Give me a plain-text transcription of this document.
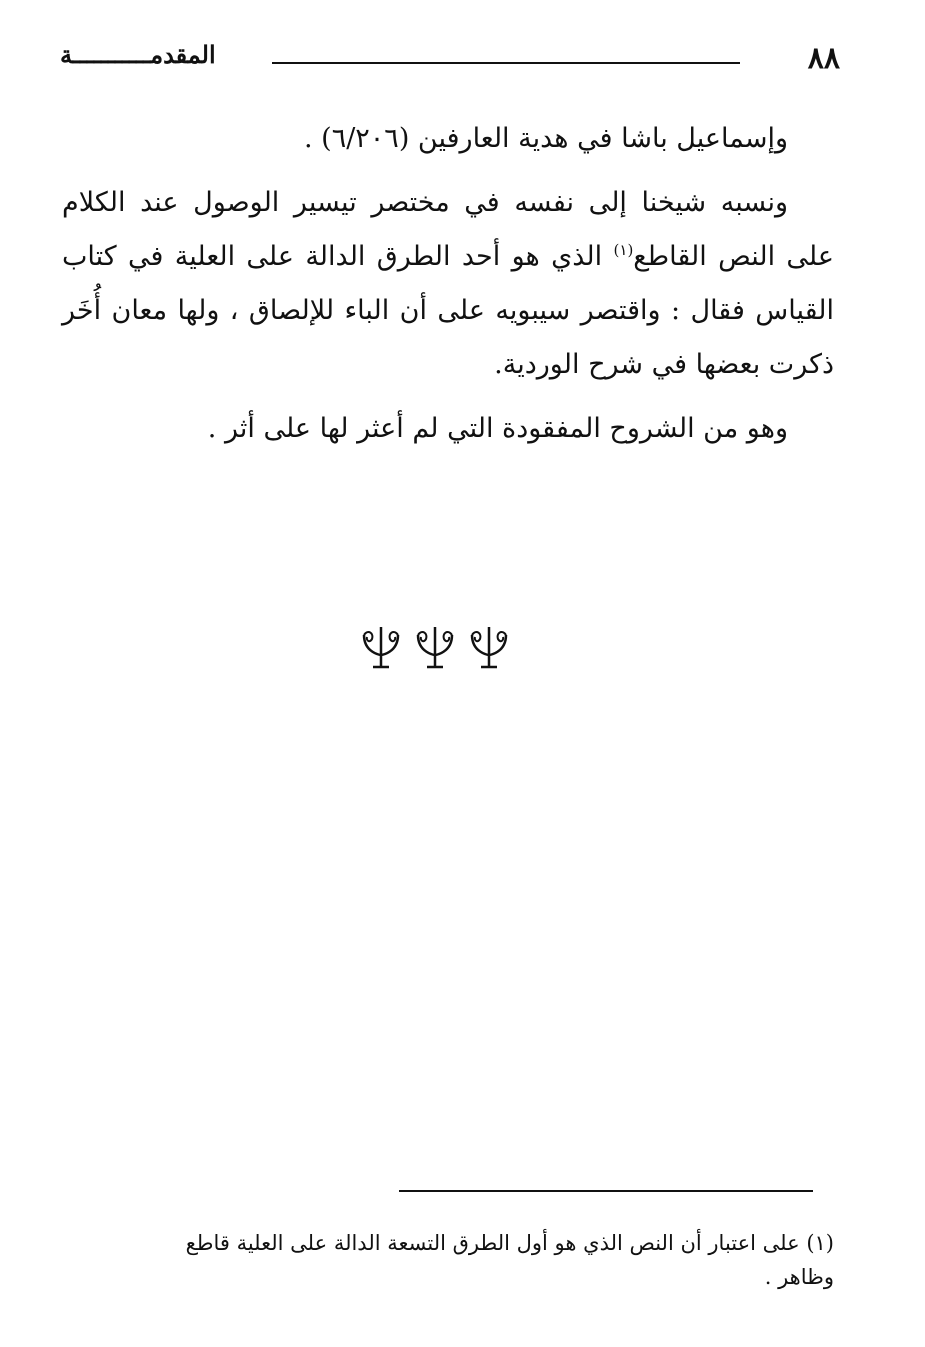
٨٨
المقدمـــــــــــة

وإسماعيل باشا في هدية العارفين (٦/٢٠٦) .

ونسبه شيخنا إلى نفسه في مختصر تيسير الوصول عند الكلام على النص القاطع$^{(١)}$ الذي هو أحد الطرق الدالة على العلية في كتاب القياس فقال : واقتصر سيبويه على أن الباء للإلصاق ، ولها معان أُخَر ذكرت بعضها في شرح الوردية.

وهو من الشروح المفقودة التي لم أعثر لها على أثر .

(١) على اعتبار أن النص الذي هو أول الطرق التسعة الدالة على العلية قاطع وظاهر .
